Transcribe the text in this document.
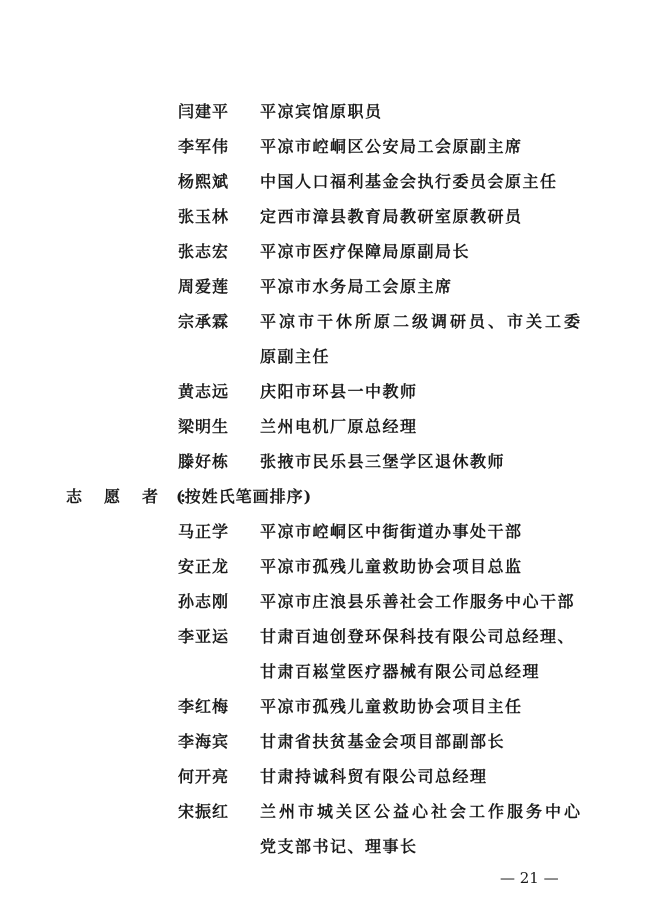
闫建平 平凉宾馆原职员
李军伟 平凉市崆峒区公安局工会原副主席
杨熙斌 中国人口福利基金会执行委员会原主任
张玉林 定西市漳县教育局教研室原教研员
张志宏 平凉市医疗保障局原副局长
周爱莲 平凉市水务局工会原主席
宗承霖 平凉市干休所原二级调研员、市关工委
原副主任
黄志远 庆阳市环县一中教师
梁明生 兰州电机厂原总经理
滕好栋 张掖市民乐县三堡学区退休教师
志愿者:
(按姓氏笔画排序)
马正学 平凉市崆峒区中街街道办事处干部
安正龙 平凉市孤残儿童救助协会项目总监
孙志刚 平凉市庄浪县乐善社会工作服务中心干部
李亚运 甘肃百迪创登环保科技有限公司总经理、
甘肃百崧堂医疗器械有限公司总经理
李红梅 平凉市孤残儿童救助协会项目主任
李海宾 甘肃省扶贫基金会项目部副部长
何开亮 甘肃持诚科贸有限公司总经理
宋振红 兰州市城关区公益心社会工作服务中心
党支部书记、理事长
— 21 —
